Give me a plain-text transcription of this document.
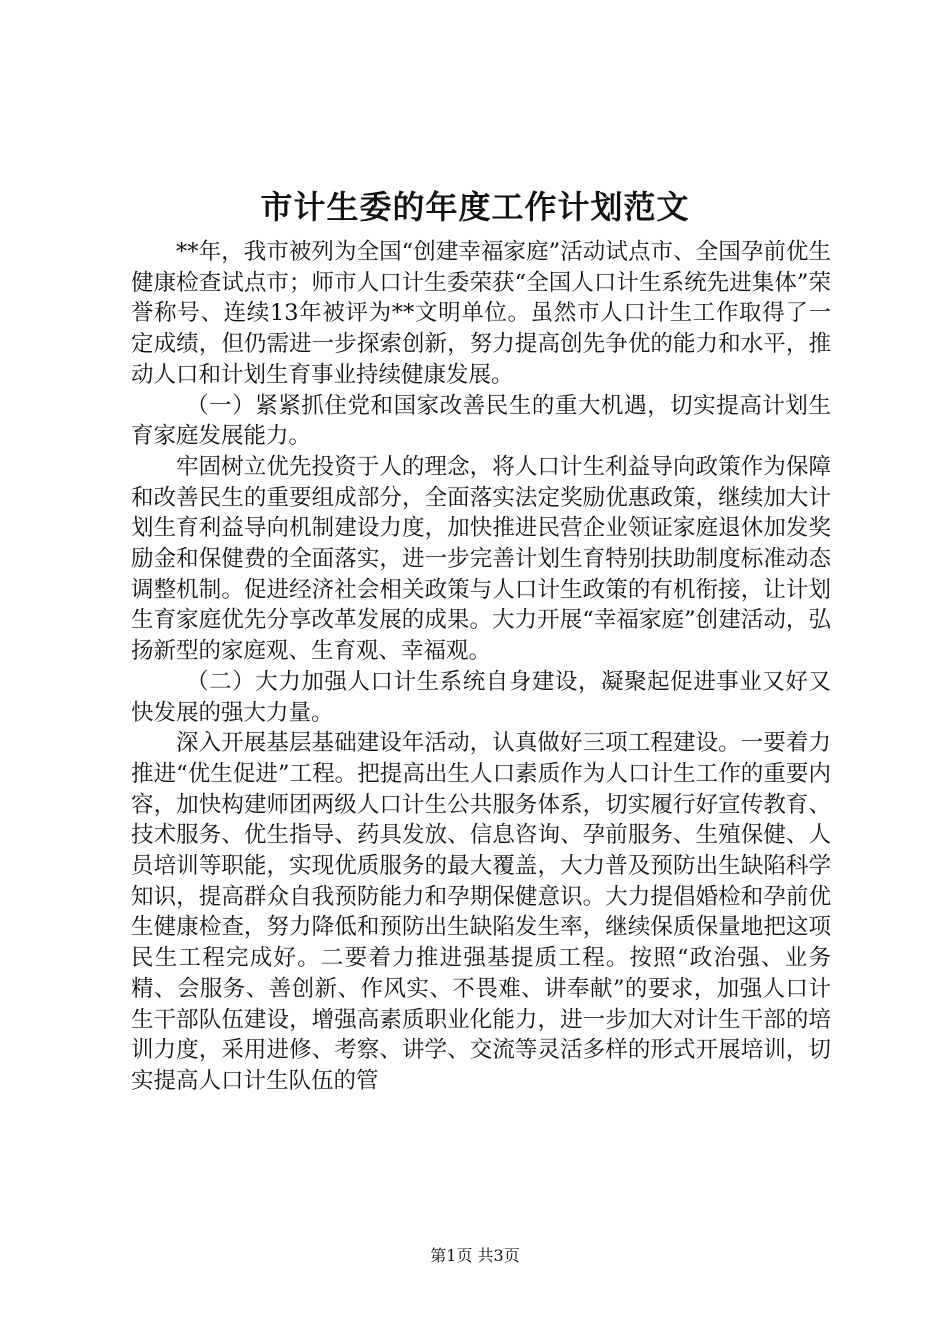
市计生委的年度工作计划范文

**年，我市被列为全国“创建幸福家庭”活动试点市、全国孕前优生健康检查试点市；师市人口计生委荣获“全国人口计生系统先进集体”荣誉称号、连续13年被评为**文明单位。虽然市人口计生工作取得了一定成绩，但仍需进一步探索创新，努力提高创先争优的能力和水平，推动人口和计划生育事业持续健康发展。

（一）紧紧抓住党和国家改善民生的重大机遇，切实提高计划生育家庭发展能力。

牢固树立优先投资于人的理念，将人口计生利益导向政策作为保障和改善民生的重要组成部分，全面落实法定奖励优惠政策，继续加大计划生育利益导向机制建设力度，加快推进民营企业领证家庭退休加发奖励金和保健费的全面落实，进一步完善计划生育特别扶助制度标准动态调整机制。促进经济社会相关政策与人口计生政策的有机衔接，让计划生育家庭优先分享改革发展的成果。大力开展“幸福家庭”创建活动，弘扬新型的家庭观、生育观、幸福观。

（二）大力加强人口计生系统自身建设，凝聚起促进事业又好又快发展的强大力量。

深入开展基层基础建设年活动，认真做好三项工程建设。一要着力推进“优生促进”工程。把提高出生人口素质作为人口计生工作的重要内容，加快构建师团两级人口计生公共服务体系，切实履行好宣传教育、技术服务、优生指导、药具发放、信息咨询、孕前服务、生殖保健、人员培训等职能，实现优质服务的最大覆盖，大力普及预防出生缺陷科学知识，提高群众自我预防能力和孕期保健意识。大力提倡婚检和孕前优生健康检查，努力降低和预防出生缺陷发生率，继续保质保量地把这项民生工程完成好。二要着力推进强基提质工程。按照“政治强、业务精、会服务、善创新、作风实、不畏难、讲奉献”的要求，加强人口计生干部队伍建设，增强高素质职业化能力，进一步加大对计生干部的培训力度，采用进修、考察、讲学、交流等灵活多样的形式开展培训，切实提高人口计生队伍的管

第1页 共3页
